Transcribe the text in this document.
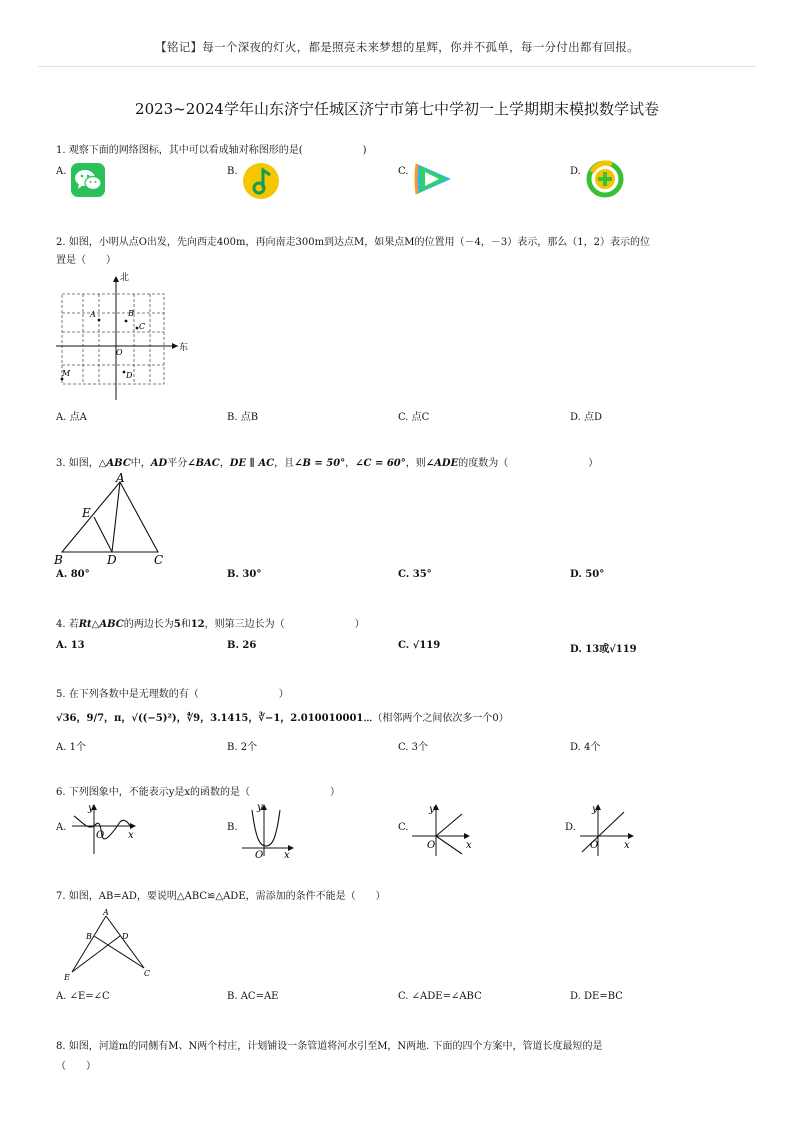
【铭记】每一个深夜的灯火，都是照亮未来梦想的星辉，你并不孤单，每一分付出都有回报。
2023~2024学年山东济宁任城区济宁市第七中学初一上学期期末模拟数学试卷
1. 观察下面的网络图标，其中可以看成轴对称图形的是(　　　　　　)
A.	B.	C.	D.
2. 如图，小明从点O出发，先向西走400m，再向南走300m到达点M，如果点M的位置用（－4，－3）表示，那么（1，2）表示的位
置是（　　）
北
东
O
A	B
C
D
M
A. 点A	B. 点B	C. 点C	D. 点D
3. 如图，△ABC中，AD平分∠BAC，DE ∥ AC，且∠B = 50°，∠C = 60°，则∠ADE的度数为（　　　　　　　　）
A
B	C
D
E
A. 80°	B. 30°	C. 35°	D. 50°
4. 若Rt△ABC的两边长为5和12，则第三边长为（　　　　　　　）
A. 13	B. 26	C. √119	D. 13或√119
5. 在下列各数中是无理数的有（　　　　　　　　）
√36，9/7，π，√((−5)²)，∜9，3.1415，∛−1，2.010010001⋯（相邻两个之间依次多一个0）
A. 1个	B. 2个	C. 3个	D. 4个
6. 下列图象中，不能表示y是x的函数的是（　　　　　　　　）
A.
y
x
O
B.
y
x
O
C.
y
x
O
D.
y
x
O
7. 如图，AB=AD，要说明△ABC≌△ADE，需添加的条件不能是（　　）
A
B	D
E	C
A. ∠E=∠C	B. AC=AE	C. ∠ADE=∠ABC	D. DE=BC
8. 如图，河道m的同侧有M、N两个村庄，计划铺设一条管道将河水引至M，N两地. 下面的四个方案中，管道长度最短的是
（　　）
